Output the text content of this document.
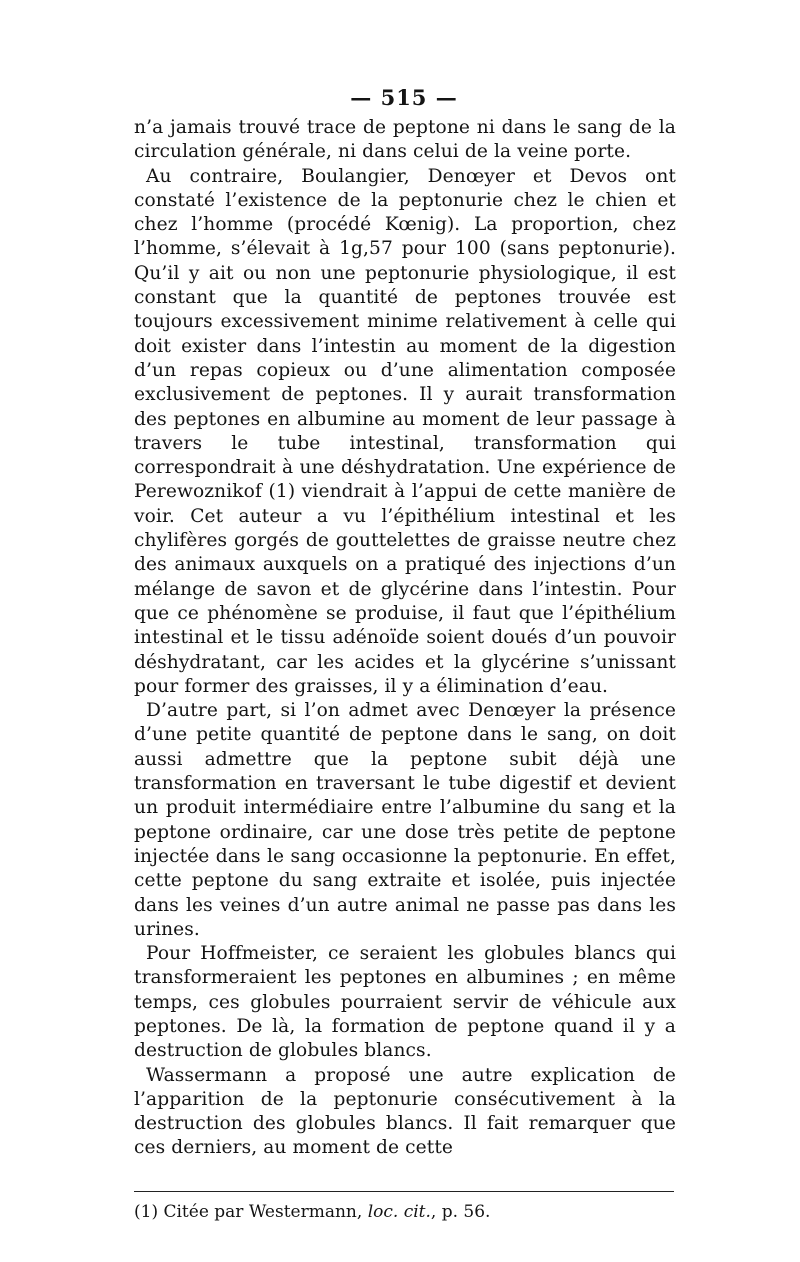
— 515 —

n’a jamais trouvé trace de peptone ni dans le sang de la circulation générale, ni dans celui de la veine porte.

Au contraire, Boulangier, Denœyer et Devos ont constaté l’existence de la peptonurie chez le chien et chez l’homme (procédé Kœnig). La proportion, chez l’homme, s’élevait à 1g,57 pour 100 (sans peptonurie). Qu’il y ait ou non une peptonurie physiologique, il est constant que la quantité de peptones trouvée est toujours excessivement minime relativement à celle qui doit exister dans l’intestin au moment de la digestion d’un repas copieux ou d’une alimentation composée exclusivement de peptones. Il y aurait transformation des peptones en albumine au moment de leur passage à travers le tube intestinal, transformation qui correspondrait à une déshydratation. Une expérience de Perewoznikof (1) viendrait à l’appui de cette manière de voir. Cet auteur a vu l’épithélium intestinal et les chylifères gorgés de gouttelettes de graisse neutre chez des animaux auxquels on a pratiqué des injections d’un mélange de savon et de glycérine dans l’intestin. Pour que ce phénomène se produise, il faut que l’épithélium intestinal et le tissu adénoïde soient doués d’un pouvoir déshydratant, car les acides et la glycérine s’unissant pour former des graisses, il y a élimination d’eau.

D’autre part, si l’on admet avec Denœyer la présence d’une petite quantité de peptone dans le sang, on doit aussi admettre que la peptone subit déjà une transformation en traversant le tube digestif et devient un produit intermédiaire entre l’albumine du sang et la peptone ordinaire, car une dose très petite de peptone injectée dans le sang occasionne la peptonurie. En effet, cette peptone du sang extraite et isolée, puis injectée dans les veines d’un autre animal ne passe pas dans les urines.

Pour Hoffmeister, ce seraient les globules blancs qui transformeraient les peptones en albumines ; en même temps, ces globules pourraient servir de véhicule aux peptones. De là, la formation de peptone quand il y a destruction de globules blancs.

Wassermann a proposé une autre explication de l’apparition de la peptonurie consécutivement à la destruction des globules blancs. Il fait remarquer que ces derniers, au moment de cette

(1) Citée par Westermann, loc. cit., p. 56.
